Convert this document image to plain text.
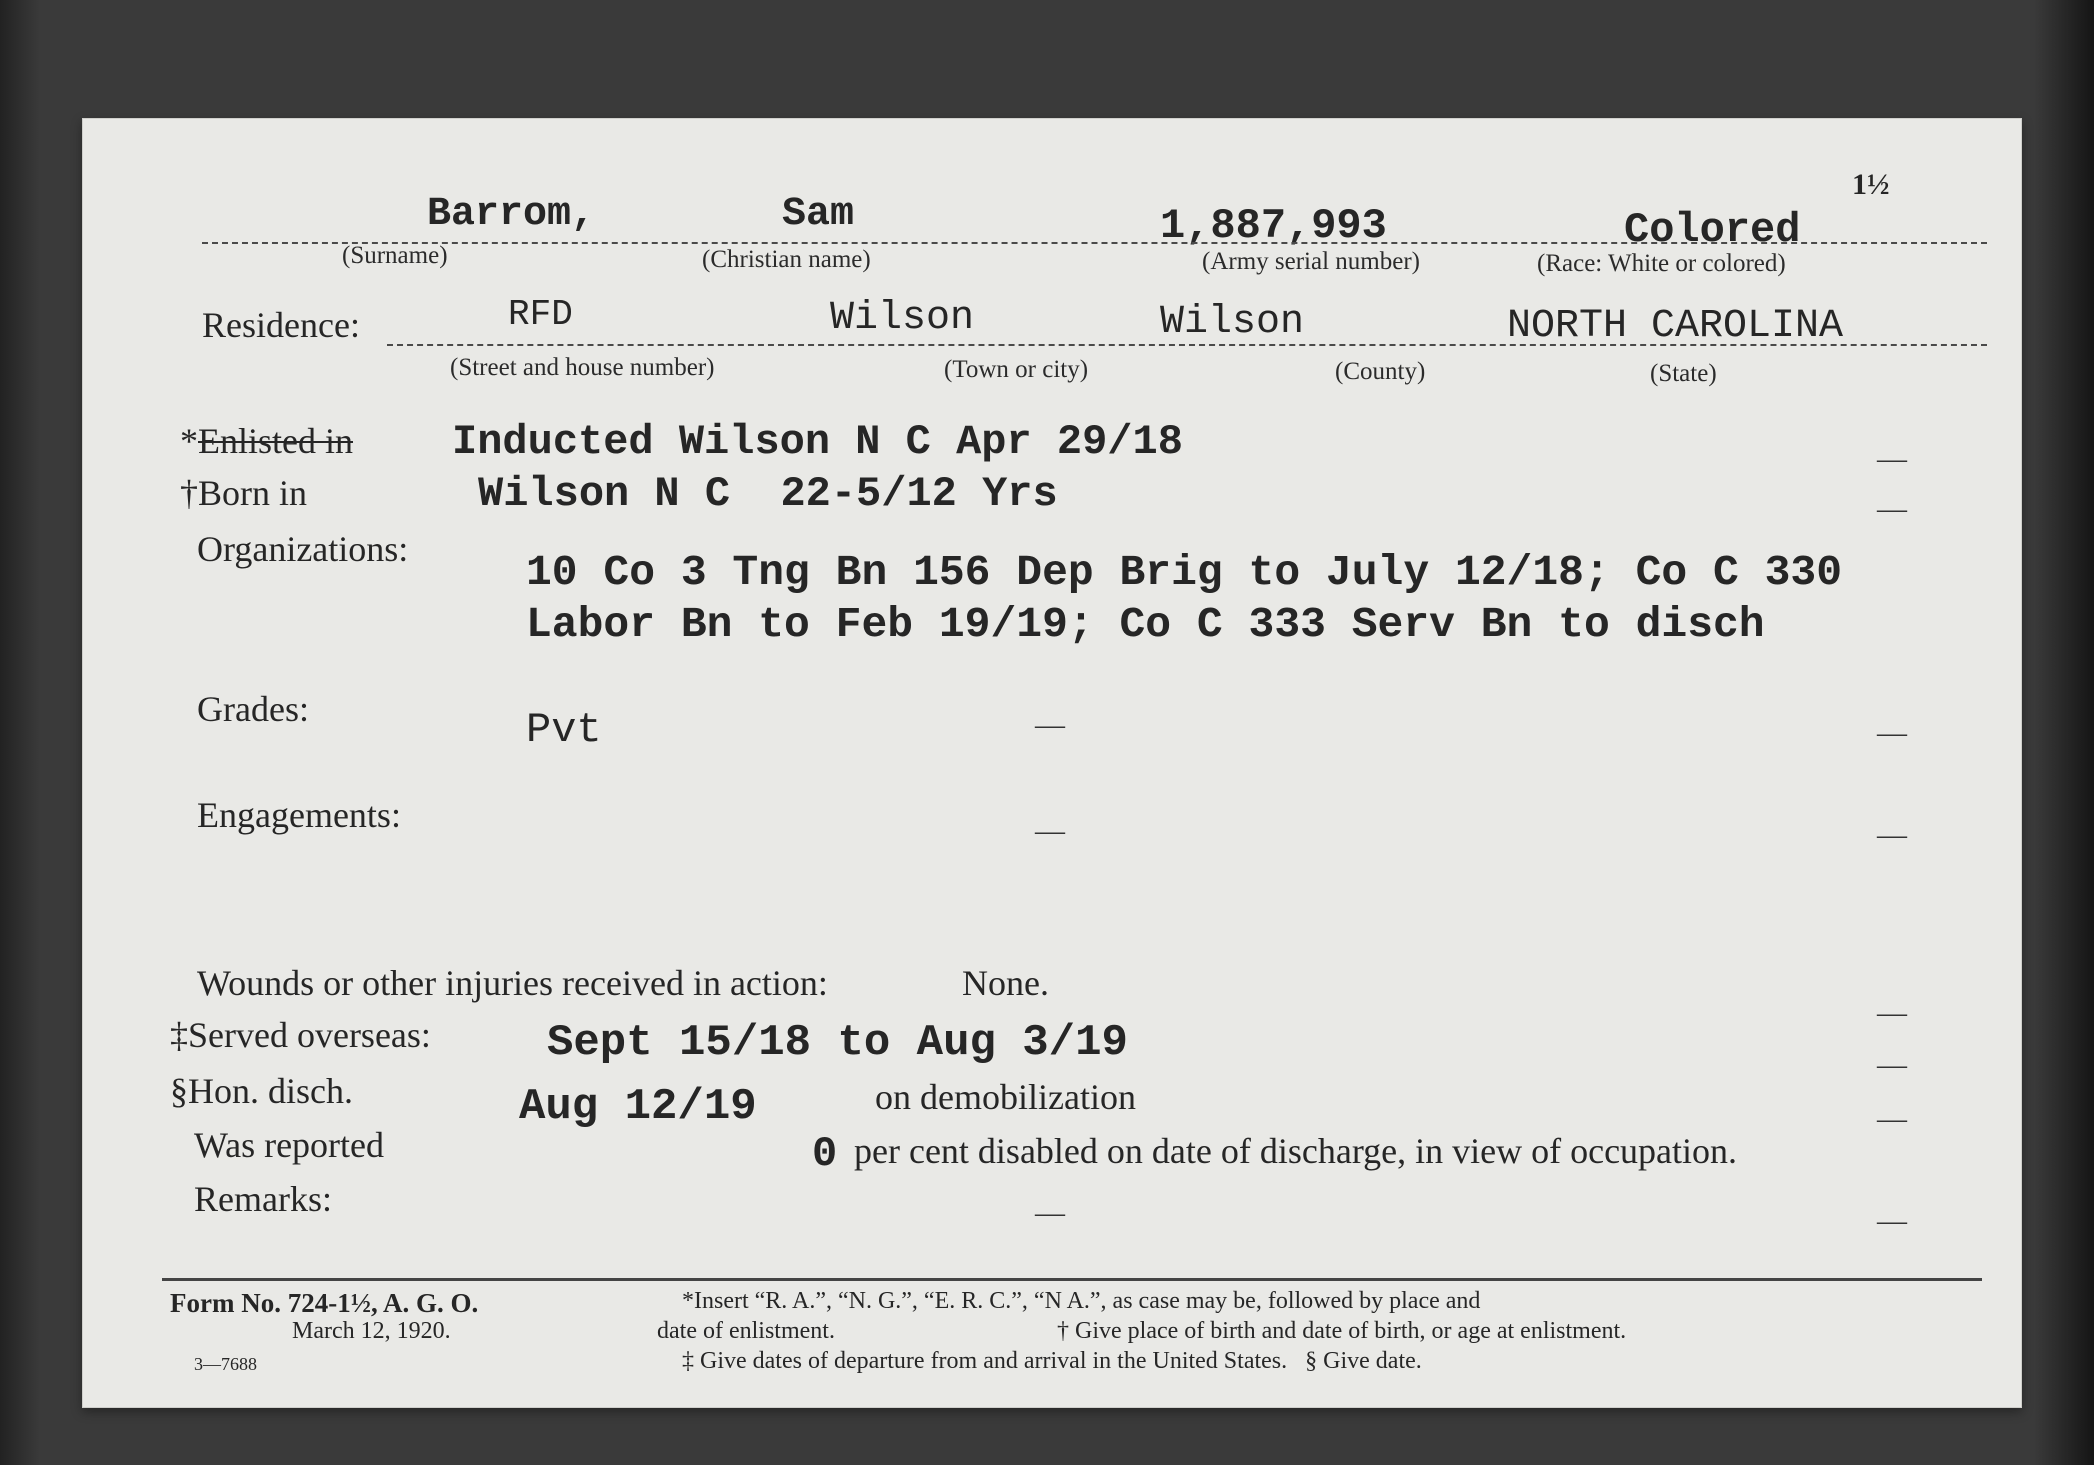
1½
Barrom,	Sam	1,887,993	Colored
(Surname)	(Christian name)	(Army serial number)	(Race: White or colored)
Residence:	RFD	Wilson	Wilson	NORTH CAROLINA
(Street and house number)	(Town or city)	(County)	(State)
*Enlisted in Inducted Wilson N C Apr 29/18	—
†Born in	Wilson N C  22-5/12 Yrs	—
Organizations:	10 Co 3 Tng Bn 156 Dep Brig to July 12/18; Co C 330
Labor Bn to Feb 19/19; Co C 333 Serv Bn to disch
Grades:	Pvt	—	—
Engagements:	—	—
Wounds or other injuries received in action:	None.
—
‡Served overseas:	Sept 15/18 to Aug 3/19	—
§Hon. disch.	Aug 12/19	on demobilization
—
Was reported	0 per cent disabled on date of discharge, in view of occupation.
Remarks:	—	—
Form No. 724-1½, A. G. O.
March 12, 1920.
3—7688
*Insert “R. A.”, “N. G.”, “E. R. C.”, “N A.”, as case may be, followed by place and
date of enlistment.	† Give place of birth and date of birth, or age at enlistment.
‡ Give dates of departure from and arrival in the United States.   § Give date.
